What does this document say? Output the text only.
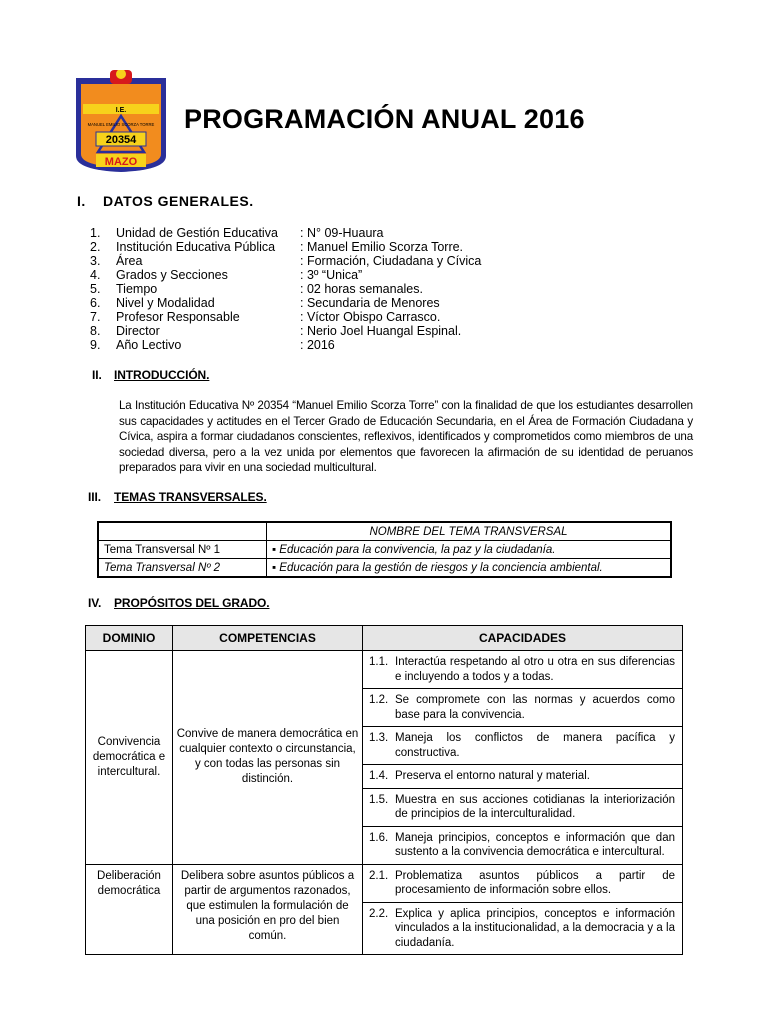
I.E.
20354
MANUEL EMILIO SCORZA TORRE
MAZO
PROGRAMACIÓN ANUAL 2016
I. DATOS GENERALES.
1.	Unidad de Gestión Educativa	: N° 09-Huaura
2.	Institución Educativa Pública	: Manuel Emilio Scorza Torre.
3.	Área	: Formación, Ciudadana y Cívica
4.	Grados y Secciones	: 3º “Unica”
5.	Tiempo	: 02 horas semanales.
6.	Nivel y Modalidad	: Secundaria de Menores
7.	Profesor Responsable	: Víctor Obispo Carrasco.
8.	Director	: Nerio Joel Huangal Espinal.
9.	Año Lectivo	: 2016
II. INTRODUCCIÓN.
La Institución Educativa Nº 20354 “Manuel Emilio Scorza Torre” con la finalidad de que los estudiantes desarrollen sus capacidades y actitudes en el Tercer Grado de Educación Secundaria, en el Área de Formación Ciudadana y Cívica, aspira a formar ciudadanos conscientes, reflexivos, identificados y comprometidos como miembros de una sociedad diversa, pero a la vez unida por elementos que favorecen la afirmación de su identidad de peruanos preparados para vivir en una sociedad multicultural.
III. TEMAS TRANSVERSALES.
	NOMBRE DEL TEMA TRANSVERSAL
Tema Transversal Nº 1	▪ Educación para la convivencia, la paz y la ciudadanía.
Tema Transversal Nº 2	▪ Educación para la gestión de riesgos y la conciencia ambiental.
IV. PROPÓSITOS DEL GRADO.
DOMINIO	COMPETENCIAS	CAPACIDADES
Convivencia democrática e intercultural.	Convive de manera democrática en cualquier contexto o circunstancia, y con todas las personas sin distinción.	1.1. Interactúa respetando al otro u otra en sus diferencias e incluyendo a todos y a todas.

		1.2. Se compromete con las normas y acuerdos como base para la convivencia.

		1.3. Maneja los conflictos de manera pacífica y constructiva.

		1.4. Preserva el entorno natural y material.

		1.5. Muestra en sus acciones cotidianas la interiorización de principios de la interculturalidad.

		1.6. Maneja principios, conceptos e información que dan sustento a la convivencia democrática e intercultural.

Deliberación democrática	Delibera sobre asuntos públicos a partir de argumentos razonados, que estimulen la formulación de una posición en pro del bien común.	2.1. Problematiza asuntos públicos a partir de procesamiento de información sobre ellos.

		2.2. Explica y aplica principios, conceptos e información vinculados a la institucionalidad, a la democracia y a la ciudadanía.
